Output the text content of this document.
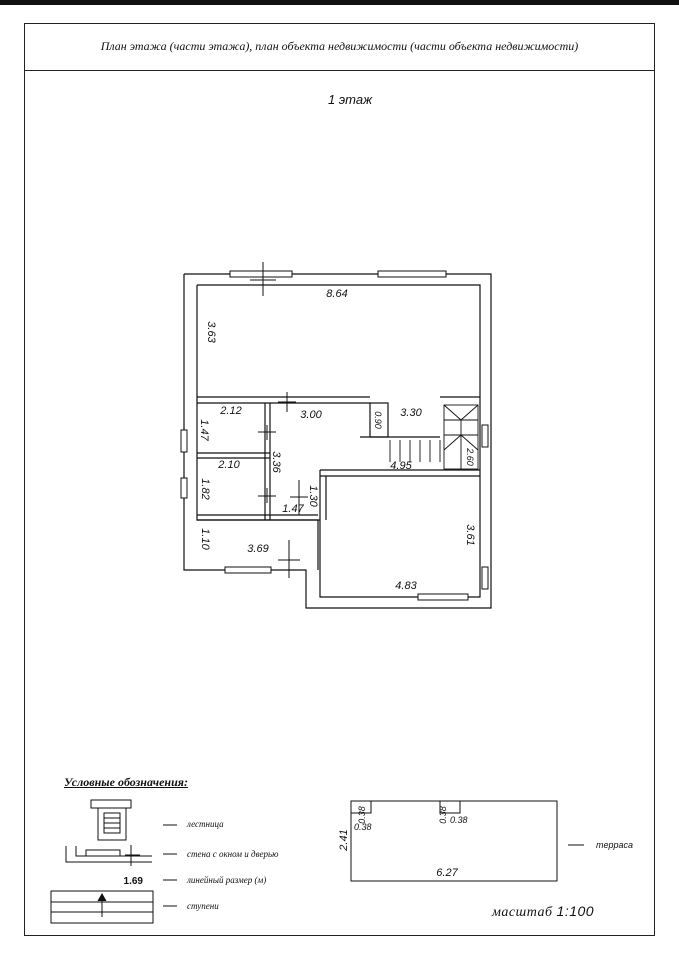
План этажа (части этажа), план объекта недвижимости (части объекта недвижимости)
1 этаж
8.64
3.63
2.12
1.47
3.00	3.30
0.90
2.60
2.10	3.36	4.95
1.82	1.30
1.47
3.61
1.10	3.69
4.83
1.69
2.41
0.38
0.38
0.38 0.38
6.27
терраса
Условные обозначения:
лестница
стена с окном и дверью
линейный размер (м)
ступени	масштаб 1:100
